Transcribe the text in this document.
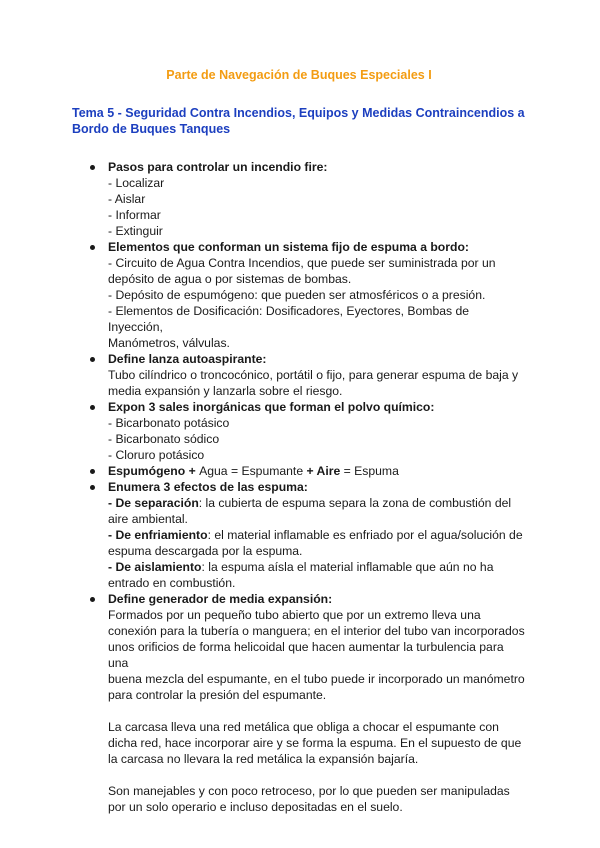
Parte de Navegación de Buques Especiales I
Tema 5 - Seguridad Contra Incendios, Equipos y Medidas Contraincendios a
Bordo de Buques Tanques
Pasos para controlar un incendio fire:
- Localizar
- Aislar
- Informar
- Extinguir
Elementos que conforman un sistema fijo de espuma a bordo:
- Circuito de Agua Contra Incendios, que puede ser suministrada por un
depósito de agua o por sistemas de bombas.
- Depósito de espumógeno: que pueden ser atmosféricos o a presión.
- Elementos de Dosificación: Dosificadores, Eyectores, Bombas de Inyección,
Manómetros, válvulas.
Define lanza autoaspirante:
Tubo cilíndrico o troncocónico, portátil o fijo, para generar espuma de baja y
media expansión y lanzarla sobre el riesgo.
Expon 3 sales inorgánicas que forman el polvo químico:
- Bicarbonato potásico
- Bicarbonato sódico
- Cloruro potásico
Espumógeno + Agua = Espumante + Aire = Espuma
Enumera 3 efectos de las espuma:
- De separación: la cubierta de espuma separa la zona de combustión del
aire ambiental.
- De enfriamiento: el material inflamable es enfriado por el agua/solución de
espuma descargada por la espuma.
- De aislamiento: la espuma aísla el material inflamable que aún no ha
entrado en combustión.
Define generador de media expansión:
Formados por un pequeño tubo abierto que por un extremo lleva una
conexión para la tubería o manguera; en el interior del tubo van incorporados
unos orificios de forma helicoidal que hacen aumentar la turbulencia para una
buena mezcla del espumante, en el tubo puede ir incorporado un manómetro
para controlar la presión del espumante.
La carcasa lleva una red metálica que obliga a chocar el espumante con
dicha red, hace incorporar aire y se forma la espuma. En el supuesto de que
la carcasa no llevara la red metálica la expansión bajaría.
Son manejables y con poco retroceso, por lo que pueden ser manipuladas
por un solo operario e incluso depositadas en el suelo.
